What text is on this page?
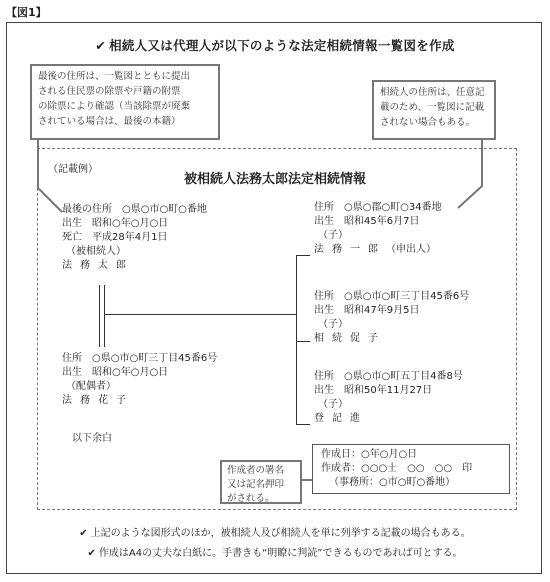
【図1】
✔ 相続人又は代理人が以下のような法定相続情報一覧図を作成
最後の住所は、一覧図とともに提出
される住民票の除票や戸籍の附票
の除票により確認（当該除票が廃棄
されている場合は、最後の本籍）
相続人の住所は、任意記
載のため、一覧図に記載
されない場合もある。
（記載例）
被相続人法務太郎法定相続情報
最後の住所　○県○市○町○番地
出生　昭和○年○月○日
死亡　平成28年4月1日
（被相続人）
法務太郎
住所　○県○市○町三丁目45番6号
出生　昭和○年○月○日
（配偶者）
法務花子
住所　○県○郡○町○34番地
出生　昭和45年6月7日
（子）
法務一郎（申出人）
住所　○県○市○町三丁目45番6号
出生　昭和47年9月5日
（子）
相続促子
住所　○県○市○町五丁目4番8号
出生　昭和50年11月27日
（子）
登記進
以下余白
作成者の署名
又は記名押印
がされる。
作成日：○年○月○日
作成者：○○○士　○○　○○　印
（事務所：○市○町○番地）
✔ 上記のような図形式のほか，被相続人及び相続人を単に列挙する記載の場合もある。
✔ 作成はA4の丈夫な白紙に。手書きも“明瞭に判読”できるものであれば可とする。
